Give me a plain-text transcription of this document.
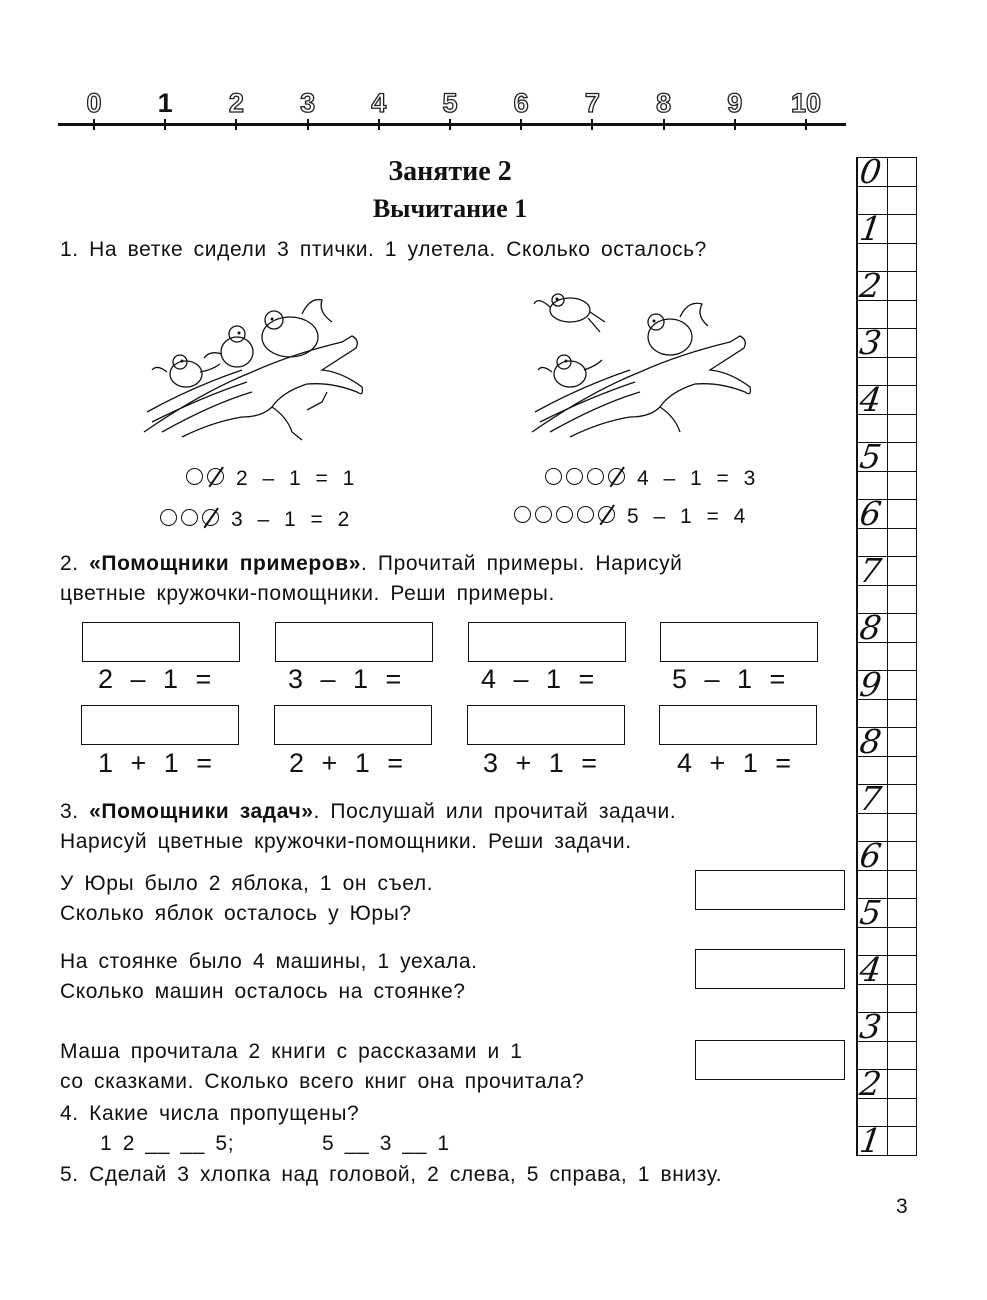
0	1	2	3	4	5	6	7	8	9	10
Занятие 2
Вычитание 1
1. На ветке сидели 3 птички. 1 улетела. Сколько осталось?
2 – 1 = 1
3 – 1 = 2
4 – 1 = 3
5 – 1 = 4
2. «Помощники примеров». Прочитай примеры. Нарисуй
цветные кружочки-помощники. Реши примеры.
2 – 1 =	3 – 1 =	4 – 1 =	5 – 1 =
1 + 1 =	2 + 1 =	3 + 1 =	4 + 1 =
3. «Помощники задач». Послушай или прочитай задачи.
Нарисуй цветные кружочки-помощники. Реши задачи.
У Юры было 2 яблока, 1 он съел.
Сколько яблок осталось у Юры?
На стоянке было 4 машины, 1 уехала.
Сколько машин осталось на стоянке?
Маша прочитала 2 книги с рассказами и 1
со сказками. Сколько всего книг она прочитала?
4. Какие числа пропущены?
1 2 __ __ 5;	5 __ 3 __ 1
5. Сделай 3 хлопка над головой, 2 слева, 5 справа, 1 внизу.
0
1
2
3
4
5
6
7
8
9
8
7
6
5
4
3
2
1
3
